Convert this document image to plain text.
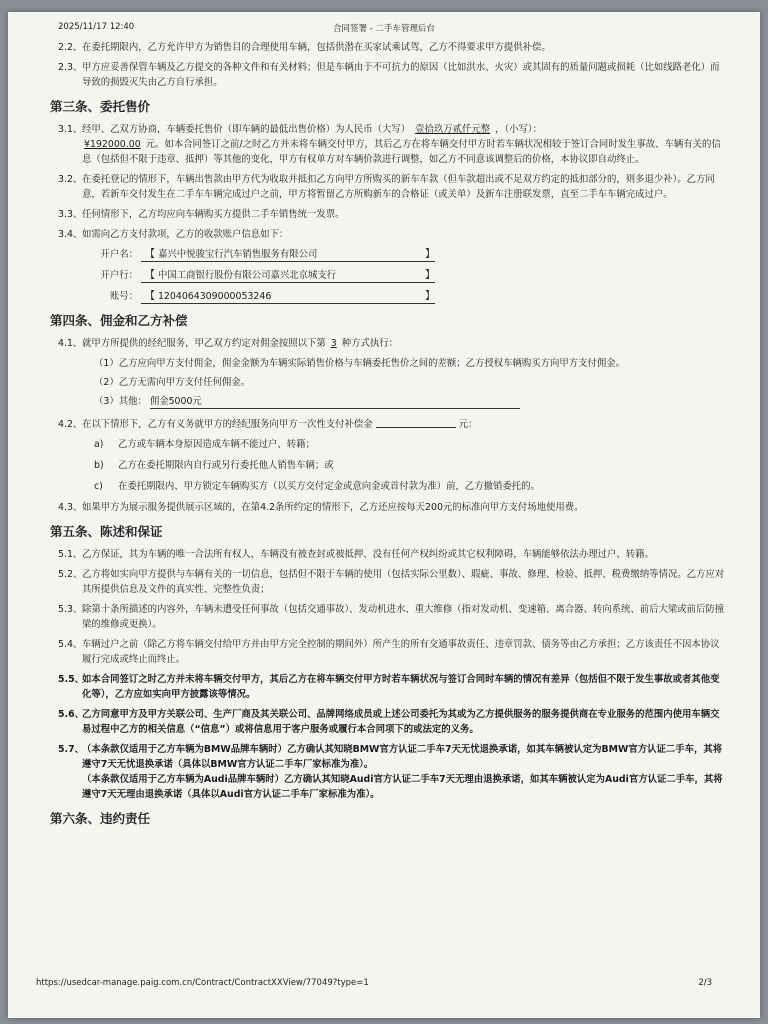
2025/11/17 12:40	合同签署 - 二手车管理后台
2.2、 在委托期限内，乙方允许甲方为销售目的合理使用车辆，包括供潜在买家试乘试驾，乙方不得要求甲方提供补偿。
2.3、 甲方应妥善保管车辆及乙方提交的各种文件和有关材料；但是车辆由于不可抗力的原因（比如洪水、火灾）或其固有的质量问题或损耗（比如线路老化）而导致的损毁灭失由乙方自行承担。
第三条、委托售价
3.1、 经甲、乙双方协商，车辆委托售价（即车辆的最低出售价格）为人民币（大写） 壹拾玖万贰仟元整 ，（小写）：
¥192000.00 元。如本合同签订之前/之时乙方并未将车辆交付甲方，其后乙方在将车辆交付甲方时若车辆状况相较于签订合同时发生事故、车辆有关的信息（包括但不限于违章、抵押）等其他的变化，甲方有权单方对车辆价款进行调整，如乙方不同意该调整后的价格，本协议即自动终止。
3.2、 在委托登记的情形下，车辆出售款由甲方代为收取并抵扣乙方向甲方所购买的新车车款（但车款超出或不足双方约定的抵扣部分的，则多退少补）。乙方同意，若新车交付发生在二手车车辆完成过户之前，甲方将暂留乙方所购新车的合格证（或关单）及新车注册联发票，直至二手车车辆完成过户。
3.3、 任何情形下，乙方均应向车辆购买方提供二手车销售统一发票。
3.4、 如需向乙方支付款项，乙方的收款账户信息如下：
开户名： 【 嘉兴中悦骏宝行汽车销售服务有限公司	】
开户行： 【 中国工商银行股份有限公司嘉兴北京城支行	】
账号： 【 1204064309000053246	】
第四条、佣金和乙方补偿
4.1、 就甲方所提供的经纪服务，甲乙双方约定对佣金按照以下第 3 种方式执行：
（1）乙方应向甲方支付佣金，佣金金额为车辆实际销售价格与车辆委托售价之间的差额；乙方授权车辆购买方向甲方支付佣金。
（2）乙方无需向甲方支付任何佣金。
（3）其他： 佣金5000元
4.2、 在以下情形下，乙方有义务就甲方的经纪服务向甲方一次性支付补偿金	元：
a) 乙方或车辆本身原因造成车辆不能过户、转籍；
b) 乙方在委托期限内自行或另行委托他人销售车辆；或
c) 在委托期限内、甲方锁定车辆购买方（以买方交付定金或意向金或首付款为准）前，乙方撤销委托的。
4.3、 如果甲方为展示服务提供展示区域的，在第4.2条所约定的情形下，乙方还应按每天200元的标准向甲方支付场地使用费。
第五条、陈述和保证
5.1、 乙方保证，其为车辆的唯一合法所有权人，车辆没有被查封或被抵押、没有任何产权纠纷或其它权利障碍，车辆能够依法办理过户、转籍。
5.2、 乙方将如实向甲方提供与车辆有关的一切信息，包括但不限于车辆的使用（包括实际公里数）、瑕疵、事故、修理、检验、抵押、税费缴纳等情况。乙方应对其所提供信息及文件的真实性、完整性负责；
5.3、 除第十条所描述的内容外，车辆未遭受任何事故（包括交通事故）、发动机进水、重大维修（指对发动机、变速箱、离合器、转向系统、前后大梁或前后防撞梁的维修或更换）。
5.4、 车辆过户之前（除乙方将车辆交付给甲方并由甲方完全控制的期间外）所产生的所有交通事故责任、违章罚款、债务等由乙方承担；乙方该责任不因本协议履行完成或终止而终止。
5.5、
如本合同签订之时乙方并未将车辆交付甲方，其后乙方在将车辆交付甲方时若车辆状况与签订合同时车辆的情况有差异（包括但不限于发生事故或者其他变化等），乙方应如实向甲方披露该等情况。
5.6、
乙方同意甲方及甲方关联公司、生产厂商及其关联公司、品牌网络成员或上述公司委托为其或为乙方提供服务的服务提供商在专业服务的范围内使用车辆交易过程中乙方的相关信息（“信息”）或将信息用于客户服务或履行本合同项下的或法定的义务。
5.7、
（本条款仅适用于乙方车辆为BMW品牌车辆时）乙方确认其知晓BMW官方认证二手车7天无忧退换承诺，如其车辆被认定为BMW官方认证二手车，其将遵守7天无忧退换承诺（具体以BMW官方认证二手车厂家标准为准）。
（本条款仅适用于乙方车辆为Audi品牌车辆时）乙方确认其知晓Audi官方认证二手车7天无理由退换承诺，如其车辆被认定为Audi官方认证二手车，其将遵守7天无理由退换承诺（具体以Audi官方认证二手车厂家标准为准）。
第六条、违约责任
https://usedcar-manage.paig.com.cn/Contract/ContractXXView/77049?type=1	2/3
